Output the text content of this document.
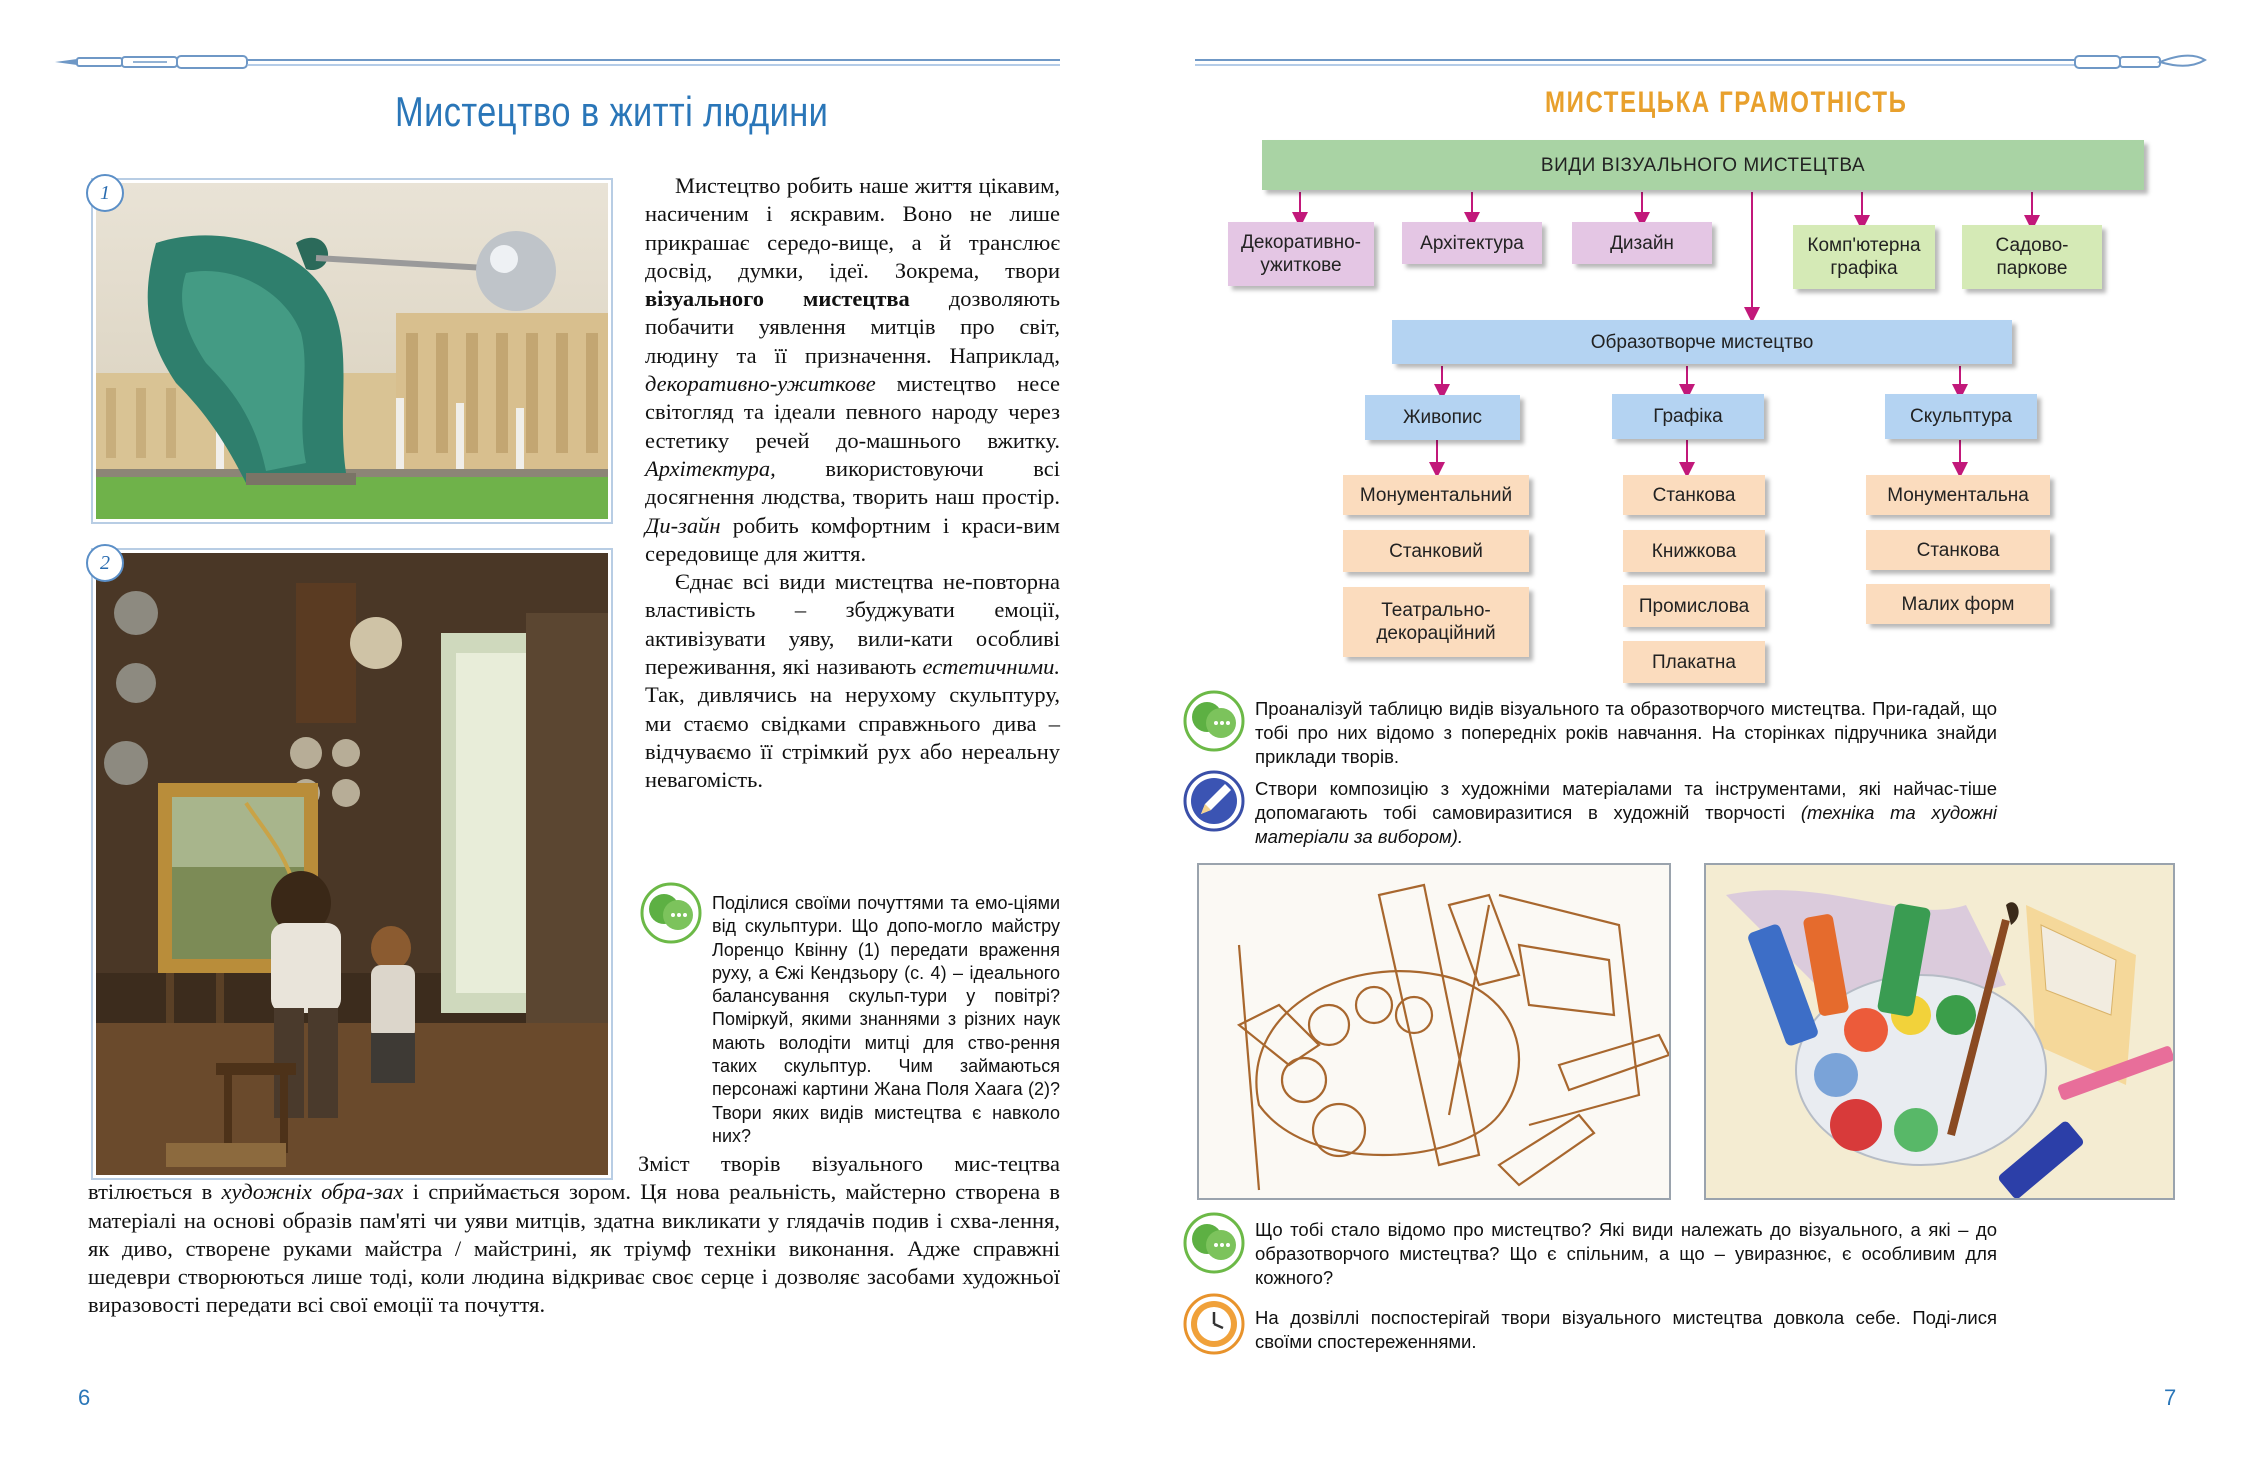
Мистецтво в житті людини
1
2

Мистецтво робить наше життя цікавим, насиченим і яскравим. Воно не лише прикрашає середо-вище, а й транслює досвід, думки, ідеї. Зокрема, твори візуального мистецтва дозволяють побачити уявлення митців про світ, людину та її призначення. Наприклад, декоративно-ужиткове мистецтво несе світогляд та ідеали певного народу через естетику речей до-машнього вжитку. Архітектура, використовуючи всі досягнення людства, творить наш простір. Ди-зайн робить комфортним і краси-вим середовище для життя.

Єднає всі види мистецтва не-повторна властивість – збуджувати емоції, активізувати уяву, вили-кати особливі переживання, які називають естетичними. Так, дивлячись на нерухому скульптуру, ми стаємо свідками справжнього дива – відчуваємо її стрімкий рух або нереальну невагомість.

Поділися своїми почуттями та емо-ціями від скульптури. Що допо-могло майстру Лоренцо Квінну (1) передати враження руху, а Єжі Кендзьору (с. 4) – ідеального балансування скульп-тури у повітрі? Поміркуй, якими знаннями з різних наук мають володіти митці для ство-рення таких скульптур. Чим займаються персонажі картини Жана Поля Хаага (2)? Твори яких видів мистецтва є навколо них?

Зміст творів візуального мис-тецтва втілюється в художніх обра-зах і сприймається зором. Ця нова реальність, майстерно створена в матеріалі на основі образів пам'яті чи уяви митців, здатна викликати у глядачів подив і схва-лення, як диво, створене руками майстра / майстрині, як тріумф техніки виконання. Адже справжні шедеври створюються лише тоді, коли людина відкриває своє серце і дозволяє засобами художньої виразовості передати всі свої емоції та почуття.

6
МИСТЕЦЬКА ГРАМОТНІСТЬ
ВИДИ ВІЗУАЛЬНОГО МИСТЕЦТВА
Декоративно-
ужиткове
Архітектура	Дизайн	Комп'ютерна
графіка
Садово-
паркове
Образотворче мистецтво
Живопис	Графіка	Скульптура
Монументальний
Станковий
Театрально-
декораційний
Станкова
Книжкова
Промислова
Плакатна
Монументальна
Станкова
Малих форм
Проаналізуй таблицю видів візуального та образотворчого мистецтва. При-гадай, що тобі про них відомо з попередніх років навчання. На сторінках підручника знайди приклади творів.
Створи композицію з художніми матеріалами та інструментами, які найчас-тіше допомагають тобі самовиразитися в художній творчості (техніка та художні матеріали за вибором).
Що тобі стало відомо про мистецтво? Які види належать до візуального, а які – до образотворчого мистецтва? Що є спільним, а що – увиразнює, є особливим для кожного?
На дозвіллі поспостерігай твори візуального мистецтва довкола себе. Поді-лися своїми спостереженнями.
7
